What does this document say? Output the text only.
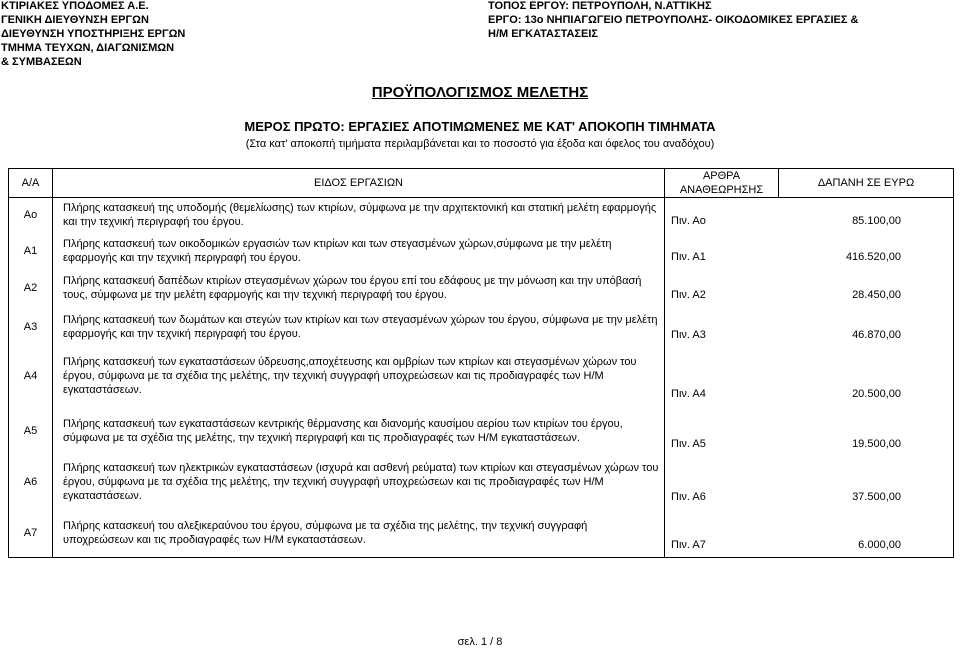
ΚΤΙΡΙΑΚΕΣ ΥΠΟΔΟΜΕΣ Α.Ε.
ΓΕΝΙΚΗ ΔΙΕΥΘΥΝΣΗ ΕΡΓΩΝ
ΔΙΕΥΘΥΝΣΗ ΥΠΟΣΤΗΡΙΞΗΣ ΕΡΓΩΝ
ΤΜΗΜΑ ΤΕΥΧΩΝ, ΔΙΑΓΩΝΙΣΜΩΝ
& ΣΥΜΒΑΣΕΩΝ
ΤΟΠΟΣ ΕΡΓΟΥ: ΠΕΤΡΟΥΠΟΛΗ, Ν.ΑΤΤΙΚΗΣ
ΕΡΓΟ: 13ο ΝΗΠΙΑΓΩΓΕΙΟ ΠΕΤΡΟΥΠΟΛΗΣ- ΟΙΚΟΔΟΜΙΚΕΣ ΕΡΓΑΣΙΕΣ &
Η/Μ ΕΓΚΑΤΑΣΤΑΣΕΙΣ
ΠΡΟΫΠΟΛΟΓΙΣΜΟΣ ΜΕΛΕΤΗΣ
ΜΕΡΟΣ ΠΡΩΤΟ: ΕΡΓΑΣΙΕΣ ΑΠΟΤΙΜΩΜΕΝΕΣ ΜΕ ΚΑΤ' ΑΠΟΚΟΠΗ ΤΙΜΗΜΑΤΑ
(Στα κατ' αποκοπή τιμήματα περιλαμβάνεται και το ποσοστό για έξοδα και όφελος του αναδόχου)
Α/Α	ΕΙΔΟΣ ΕΡΓΑΣΙΩΝ	ΑΡΘΡΑ ΑΝΑΘΕΩΡΗΣΗΣ	ΔΑΠΑΝΗ ΣΕ ΕΥΡΩ
Αο	Πλήρης κατασκευή της υποδομής (θεμελίωσης) των κτιρίων, σύμφωνα με την αρχιτεκτονική και στατική μελέτη εφαρμογής και την τεχνική περιγραφή του έργου.	Πιν. Αο	85.100,00
Α1	Πλήρης κατασκευή των οικοδομικών εργασιών των κτιρίων και των στεγασμένων χώρων,σύμφωνα με την μελέτη εφαρμογής και την τεχνική περιγραφή του έργου.	Πιν. Α1	416.520,00
Α2	Πλήρης κατασκευή δαπέδων κτιρίων στεγασμένων χώρων του έργου επί του εδάφους με την μόνωση και την υπόβασή τους, σύμφωνα με την μελέτη εφαρμογής και την τεχνική περιγραφή του έργου.	Πιν. Α2	28.450,00
Α3	Πλήρης κατασκευή των δωμάτων και στεγών των κτιρίων και των στεγασμένων χώρων του έργου, σύμφωνα με την μελέτη εφαρμογής και την τεχνική περιγραφή του έργου.	Πιν. Α3	46.870,00
Α4	Πλήρης κατασκευή των εγκαταστάσεων ύδρευσης,αποχέτευσης και ομβρίων των κτιρίων και στεγασμένων χώρων του έργου, σύμφωνα με τα σχέδια της μελέτης, την τεχνική συγγραφή υποχρεώσεων και τις προδιαγραφές των Η/Μ εγκαταστάσεων.	Πιν. Α4	20.500,00
Α5	Πλήρης κατασκευή των εγκαταστάσεων κεντρικής θέρμανσης και διανομής καυσίμου αερίου των κτιρίων του έργου, σύμφωνα με τα σχέδια της μελέτης, την τεχνική περιγραφή και τις προδιαγραφές των Η/Μ εγκαταστάσεων.	Πιν. Α5	19.500,00
Α6	Πλήρης κατασκευή των ηλεκτρικών εγκαταστάσεων (ισχυρά και ασθενή ρεύματα) των κτιρίων και στεγασμένων χώρων του έργου, σύμφωνα με τα σχέδια της μελέτης, την τεχνική συγγραφή υποχρεώσεων και τις προδιαγραφές των Η/Μ εγκαταστάσεων.	Πιν. Α6	37.500,00
Α7	Πλήρης κατασκευή του αλεξικεραύνου του έργου, σύμφωνα με τα σχέδια της μελέτης, την τεχνική συγγραφή υποχρεώσεων και τις προδιαγραφές των Η/Μ εγκαταστάσεων.	Πιν. Α7	6.000,00
σελ. 1 / 8
